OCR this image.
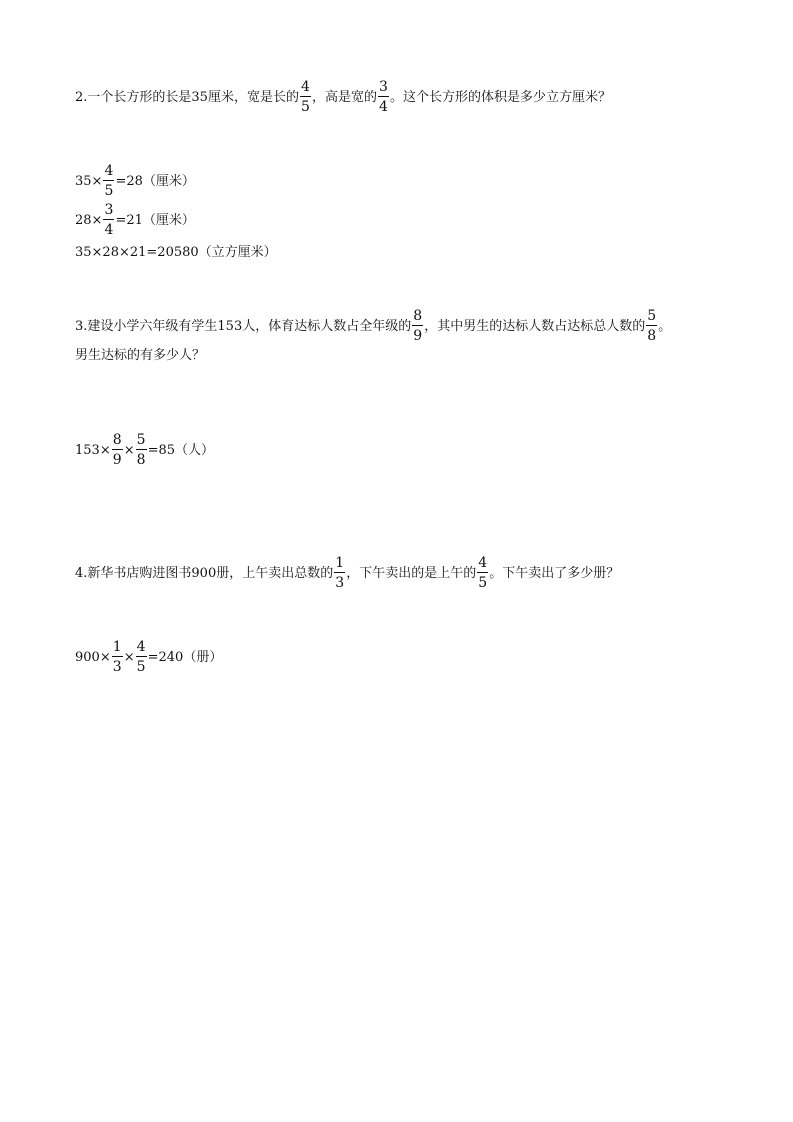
2.一个长方形的长是35厘米，宽是长的 $\frac{4}{5}$ ，高是宽的 $\frac{3}{4}$ 。这个长方形的体积是多少立方厘米？
$35\times \frac{4}{5} =28$（厘米）
$28\times \frac{3}{4} =21$（厘米）
35×28×21=20580（立方厘米）
3.建设小学六年级有学生153人，体育达标人数占全年级的 $\frac{8}{9}$ ，其中男生的达标人数占达标总人数的 $\frac{5}{8}$ 。
男生达标的有多少人？
$153\times \frac{8}{9} \times \frac{5}{8} =85$（人）
4.新华书店购进图书900册，上午卖出总数的 $\frac{1}{3}$ ，下午卖出的是上午的 $\frac{4}{5}$ 。下午卖出了多少册？
$900\times \frac{1}{3} \times \frac{4}{5} =240$（册）
